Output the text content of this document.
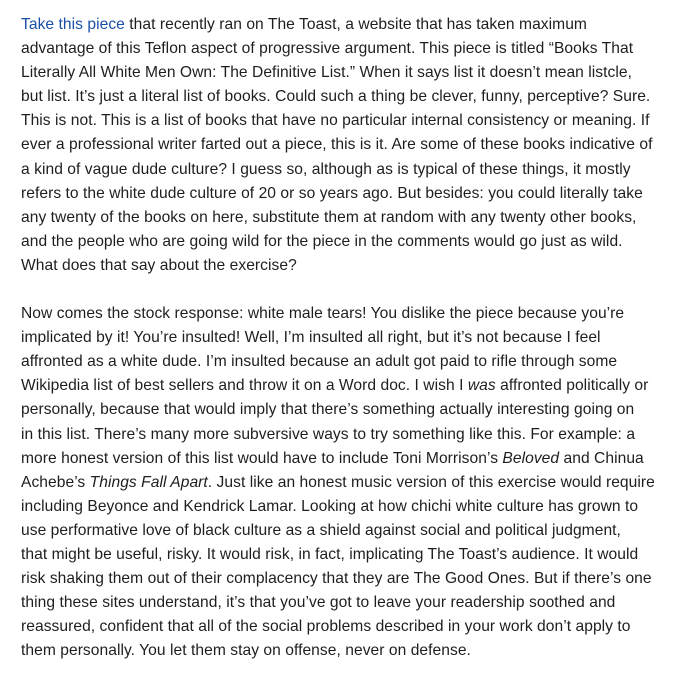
Take this piece that recently ran on The Toast, a website that has taken maximum
advantage of this Teflon aspect of progressive argument. This piece is titled “Books That
Literally All White Men Own: The Definitive List.” When it says list it doesn’t mean listcle,
but list. It’s just a literal list of books. Could such a thing be clever, funny, perceptive? Sure.
This is not. This is a list of books that have no particular internal consistency or meaning. If
ever a professional writer farted out a piece, this is it. Are some of these books indicative of
a kind of vague dude culture? I guess so, although as is typical of these things, it mostly
refers to the white dude culture of 20 or so years ago. But besides: you could literally take
any twenty of the books on here, substitute them at random with any twenty other books,
and the people who are going wild for the piece in the comments would go just as wild.
What does that say about the exercise?

Now comes the stock response: white male tears! You dislike the piece because you’re
implicated by it! You’re insulted! Well, I’m insulted all right, but it’s not because I feel
affronted as a white dude. I’m insulted because an adult got paid to rifle through some
Wikipedia list of best sellers and throw it on a Word doc. I wish I was affronted politically or
personally, because that would imply that there’s something actually interesting going on
in this list. There’s many more subversive ways to try something like this. For example: a
more honest version of this list would have to include Toni Morrison’s Beloved and Chinua
Achebe’s Things Fall Apart. Just like an honest music version of this exercise would require
including Beyonce and Kendrick Lamar. Looking at how chichi white culture has grown to
use performative love of black culture as a shield against social and political judgment,
that might be useful, risky. It would risk, in fact, implicating The Toast’s audience. It would
risk shaking them out of their complacency that they are The Good Ones. But if there’s one
thing these sites understand, it’s that you’ve got to leave your readership soothed and
reassured, confident that all of the social problems described in your work don’t apply to
them personally. You let them stay on offense, never on defense.
